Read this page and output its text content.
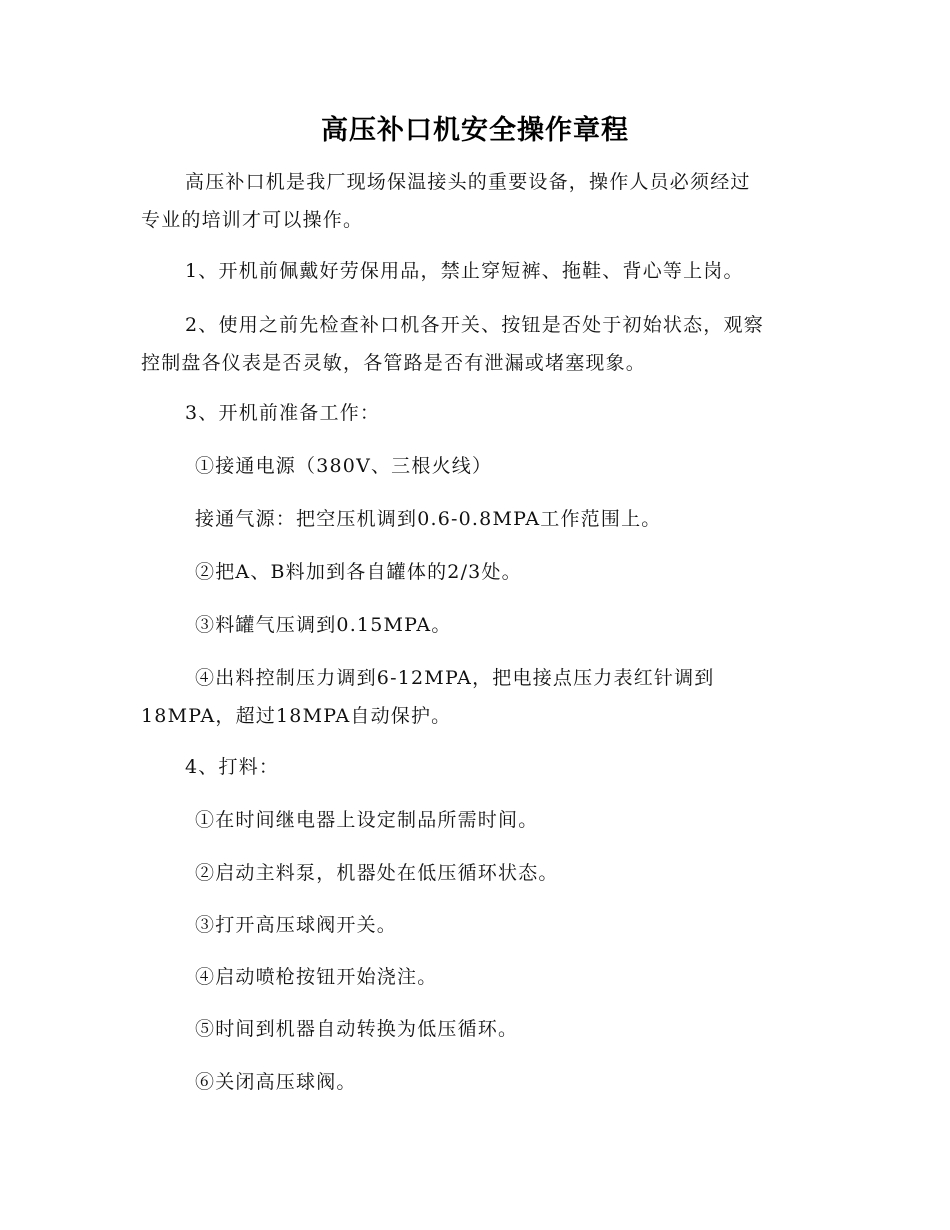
高压补口机安全操作章程
高压补口机是我厂现场保温接头的重要设备，操作人员必须经过
专业的培训才可以操作。
1、开机前佩戴好劳保用品，禁止穿短裤、拖鞋、背心等上岗。
2、使用之前先检查补口机各开关、按钮是否处于初始状态，观察
控制盘各仪表是否灵敏，各管路是否有泄漏或堵塞现象。
3、开机前准备工作：
①接通电源（380V、三根火线）
接通气源：把空压机调到0.6-0.8MPA工作范围上。
②把A、B料加到各自罐体的2/3处。
③料罐气压调到0.15MPA。
④出料控制压力调到6-12MPA，把电接点压力表红针调到
18MPA，超过18MPA自动保护。
4、打料：
①在时间继电器上设定制品所需时间。
②启动主料泵，机器处在低压循环状态。
③打开高压球阀开关。
④启动喷枪按钮开始浇注。
⑤时间到机器自动转换为低压循环。
⑥关闭高压球阀。
